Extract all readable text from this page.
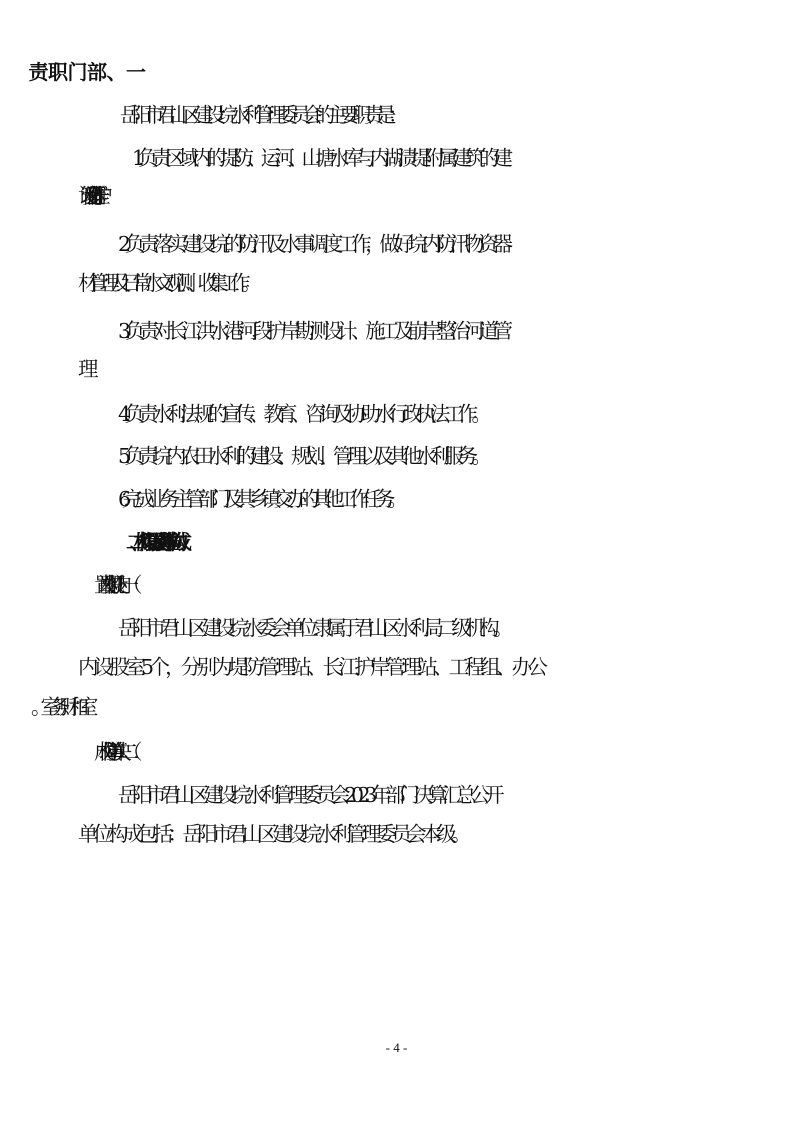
岳阳市君山区建设垸水利管理委员会的主要职责是：
1.负责区域内的堤防、运河、山塘水库与内湖渍堤附属建筑的建
设管理和运作维护。
2.负责落实建设垸的防汛及水事调度工作，做好垸内防汛物资器
材管理及日常水文观测、收集工作。
3.负责对长江洪水港河段护岸勘测设计、施工及崩岸整治河道管
4.负责水利法规的宣传、教育、咨询及协助水行政执法工作。
5.负责垸内农田水利的建设、规划、管理以及其他水利服务。
6.完成业务主管部门及其乡镇交办的其他工作任务。
二、机构设置及决算单位构成
岳阳市君山区建设垸水委会单位隶属于君山区水利局二级机构。
内设股室5个，分别为堤防管理站、长江护岸管理站、工程组、办公
岳阳市君山区建设垸水利管理委员会2023年部门决算汇总公开
单位构成包括：岳阳市君山区建设垸水利管理委员会本级。
- 4 -
